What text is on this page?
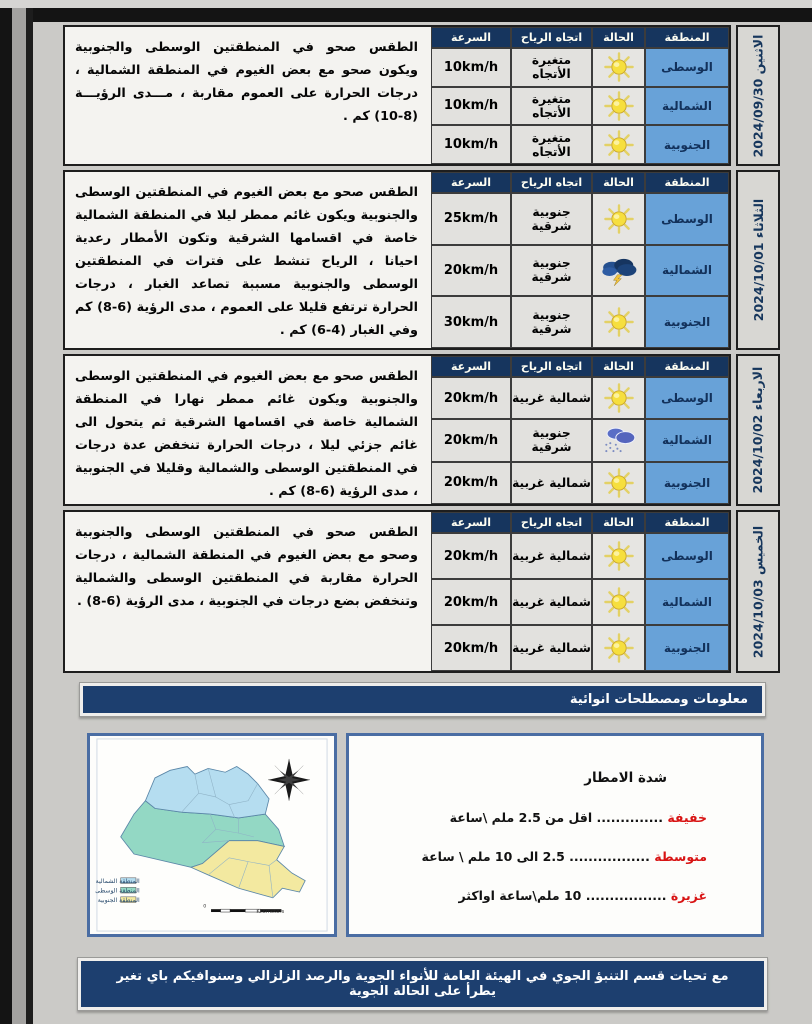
الاثنين 2024/09/30
المنطقة
الحالة
اتجاه الرياح
السرعة
الوسطى
متغيرة الأتجاه
10km/h
الشمالية
متغيرة الأتجاه
10km/h
الجنوبية
متغيرة الأتجاه
10km/h
الطقس صحو في المنطقتين الوسطى والجنوبية ويكون صحو مع بعض الغيوم في المنطقة الشمالية ، درجات الحرارة على العموم مقاربة ، مـــدى الرؤيـــة (8-10) كم .
الثلاثاء 2024/10/01
المنطقة
الحالة
اتجاه الرياح
السرعة
الوسطى
جنوبية شرقية
25km/h
الشمالية
جنوبية شرقية
20km/h
الجنوبية
جنوبية شرقية
30km/h
الطقس صحو مع بعض الغيوم في المنطقتين الوسطى والجنوبية ويكون غائم ممطر ليلا في المنطقة الشمالية خاصة في اقسامها الشرقية وتكون الأمطار رعدية احيانا ، الرياح تنشط على فترات في المنطقتين الوسطى والجنوبية مسببة تصاعد الغبار ، درجات الحرارة ترتفع قليلا على العموم ، مدى الرؤية (6-8) كم وفي الغبار (4-6) كم .
الاربعاء 2024/10/02
المنطقة
الحالة
اتجاه الرياح
السرعة
الوسطى
شمالية غربية
20km/h
الشمالية
جنوبية شرقية
20km/h
الجنوبية
شمالية غربية
20km/h
الطقس صحو مع بعض الغيوم في المنطقتين الوسطى والجنوبية ويكون غائم ممطر نهارا في المنطقة الشمالية خاصة في اقسامها الشرقية ثم يتحول الى غائم جزئي ليلا ، درجات الحرارة تنخفض عدة درجات في المنطقتين الوسطى والشمالية وقليلا في الجنوبية ، مدى الرؤية (6-8) كم .
الخميس 2024/10/03
المنطقة
الحالة
اتجاه الرياح
السرعة
الوسطى
شمالية غربية
20km/h
الشمالية
شمالية غربية
20km/h
الجنوبية
شمالية غربية
20km/h
الطقس صحو في المنطقتين الوسطى والجنوبية وصحو مع بعض الغيوم في المنطقة الشمالية ، درجات الحرارة مقاربة في المنطقتين الوسطى والشمالية وتنخفض بضع درجات في الجنوبية ، مدى الرؤية (6-8) .
معلومات ومصطلحات انوائية
شدة الامطار
خفيفة .............. اقل من 2.5 ملم \ساعة
متوسطة ................. 2.5 الى 10 ملم \ ساعة
غزيرة ................. 10 ملم\ساعة اواكثر
المنطقة الشمالية
المنطقة الوسطى
المنطقة الجنوبية
0
Kilometers
مع تحيات قسم التنبؤ الجوي في الهيئة العامة للأنواء الجوية والرصد الزلزالي وسنوافيكم باي تغير يطرأ على الحالة الجوية
